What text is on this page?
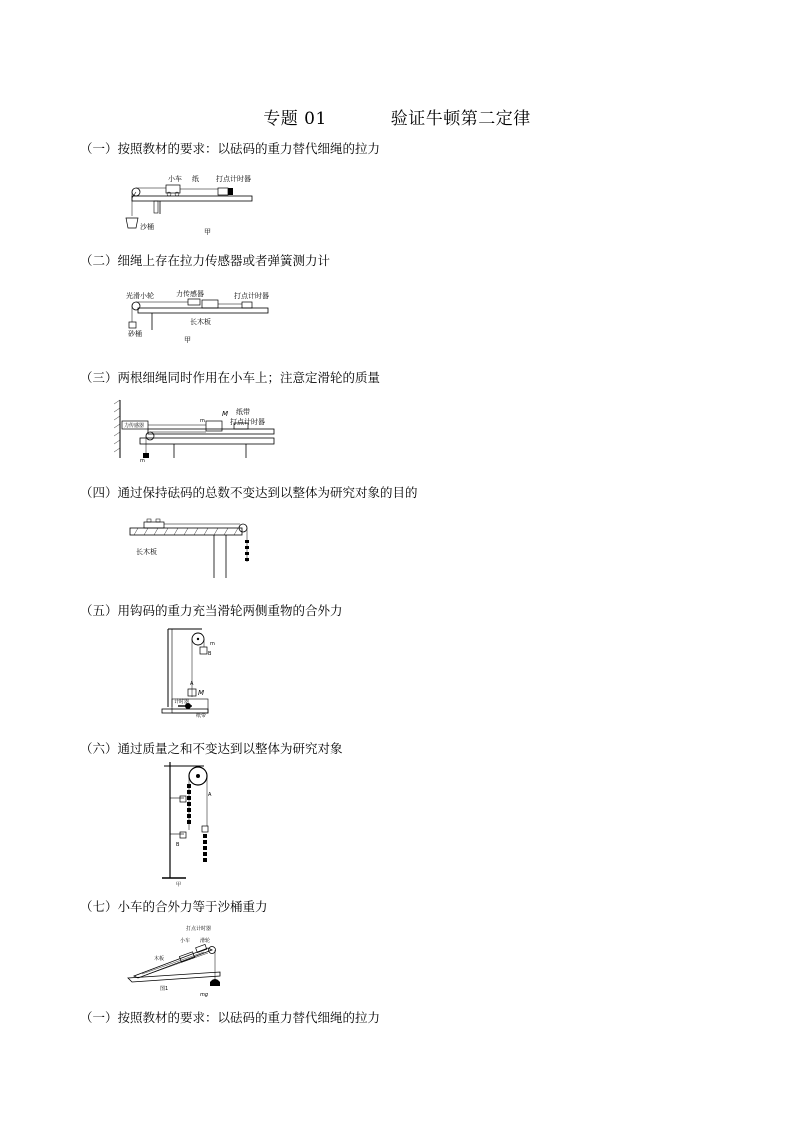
专题 01	验证牛顿第二定律
（一）按照教材的要求：以砝码的重力替代细绳的拉力
小车 纸 打点计时器
沙桶
甲
（二）细绳上存在拉力传感器或者弹簧测力计
光滑小轮	力传感器	打点计时器
长木板
砂桶
甲
（三）两根细绳同时作用在小车上；注意定滑轮的质量
力传感器
M
m
纸带
打点计时器
m
（四）通过保持砝码的总数不变达到以整体为研究对象的目的
长木板
（五）用钩码的重力充当滑轮两侧重物的合外力
m
B
A
M
计时器
纸带
（六）通过质量之和不变达到以整体为研究对象
A
B
甲
（七）小车的合外力等于沙桶重力
打点计时器
小车 滑轮
木板
图1
mg
（一）按照教材的要求：以砝码的重力替代细绳的拉力
